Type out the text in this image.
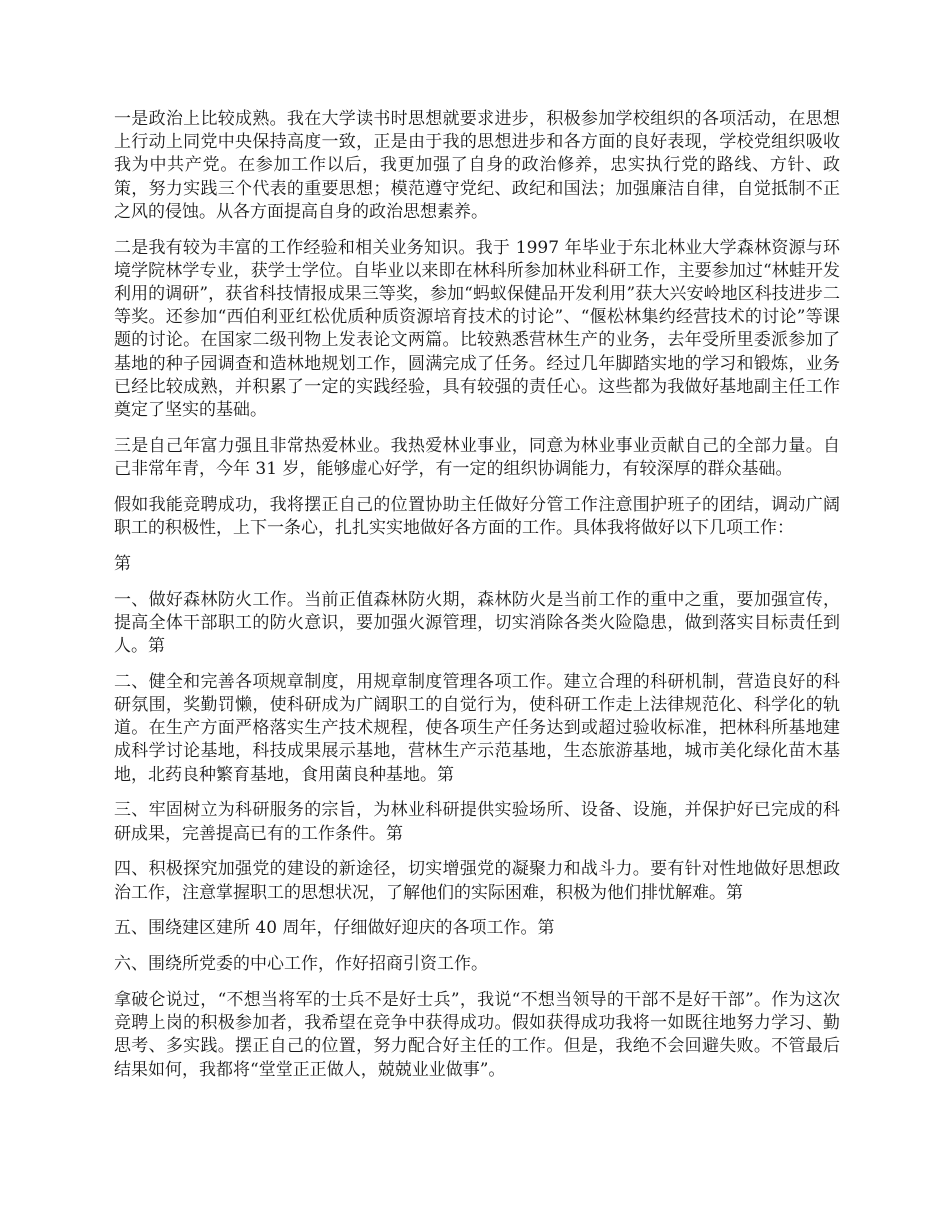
一是政治上比较成熟。我在大学读书时思想就要求进步，积极参加学校组织的各项活动，在思想上行动上同党中央保持高度一致，正是由于我的思想进步和各方面的良好表现，学校党组织吸收我为中共产党。在参加工作以后，我更加强了自身的政治修养，忠实执行党的路线、方针、政策，努力实践三个代表的重要思想；模范遵守党纪、政纪和国法；加强廉洁自律，自觉抵制不正之风的侵蚀。从各方面提高自身的政治思想素养。

二是我有较为丰富的工作经验和相关业务知识。我于 1997 年毕业于东北林业大学森林资源与环境学院林学专业，获学士学位。自毕业以来即在林科所参加林业科研工作，主要参加过“林蛙开发利用的调研”，获省科技情报成果三等奖，参加“蚂蚁保健品开发利用”获大兴安岭地区科技进步二等奖。还参加“西伯利亚红松优质种质资源培育技术的讨论”、“偃松林集约经营技术的讨论”等课题的讨论。在国家二级刊物上发表论文两篇。比较熟悉营林生产的业务，去年受所里委派参加了基地的种子园调查和造林地规划工作，圆满完成了任务。经过几年脚踏实地的学习和锻炼，业务已经比较成熟，并积累了一定的实践经验，具有较强的责任心。这些都为我做好基地副主任工作奠定了坚实的基础。

三是自己年富力强且非常热爱林业。我热爱林业事业，同意为林业事业贡献自己的全部力量。自己非常年青，今年 31 岁，能够虚心好学，有一定的组织协调能力，有较深厚的群众基础。

假如我能竞聘成功，我将摆正自己的位置协助主任做好分管工作注意围护班子的团结，调动广阔职工的积极性，上下一条心，扎扎实实地做好各方面的工作。具体我将做好以下几项工作：

第

一、做好森林防火工作。当前正值森林防火期，森林防火是当前工作的重中之重，要加强宣传，提高全体干部职工的防火意识，要加强火源管理，切实消除各类火险隐患，做到落实目标责任到人。第

二、健全和完善各项规章制度，用规章制度管理各项工作。建立合理的科研机制，营造良好的科研氛围，奖勤罚懒，使科研成为广阔职工的自觉行为，使科研工作走上法律规范化、科学化的轨道。在生产方面严格落实生产技术规程，使各项生产任务达到或超过验收标准，把林科所基地建成科学讨论基地，科技成果展示基地，营林生产示范基地，生态旅游基地，城市美化绿化苗木基地，北药良种繁育基地，食用菌良种基地。第

三、牢固树立为科研服务的宗旨，为林业科研提供实验场所、设备、设施，并保护好已完成的科研成果，完善提高已有的工作条件。第

四、积极探究加强党的建设的新途径，切实增强党的凝聚力和战斗力。要有针对性地做好思想政治工作，注意掌握职工的思想状况，了解他们的实际困难，积极为他们排忧解难。第

五、围绕建区建所 40 周年，仔细做好迎庆的各项工作。第

六、围绕所党委的中心工作，作好招商引资工作。

拿破仑说过，“不想当将军的士兵不是好士兵”，我说“不想当领导的干部不是好干部”。作为这次竞聘上岗的积极参加者，我希望在竞争中获得成功。假如获得成功我将一如既往地努力学习、勤思考、多实践。摆正自己的位置，努力配合好主任的工作。但是，我绝不会回避失败。不管最后结果如何，我都将“堂堂正正做人，兢兢业业做事”。
